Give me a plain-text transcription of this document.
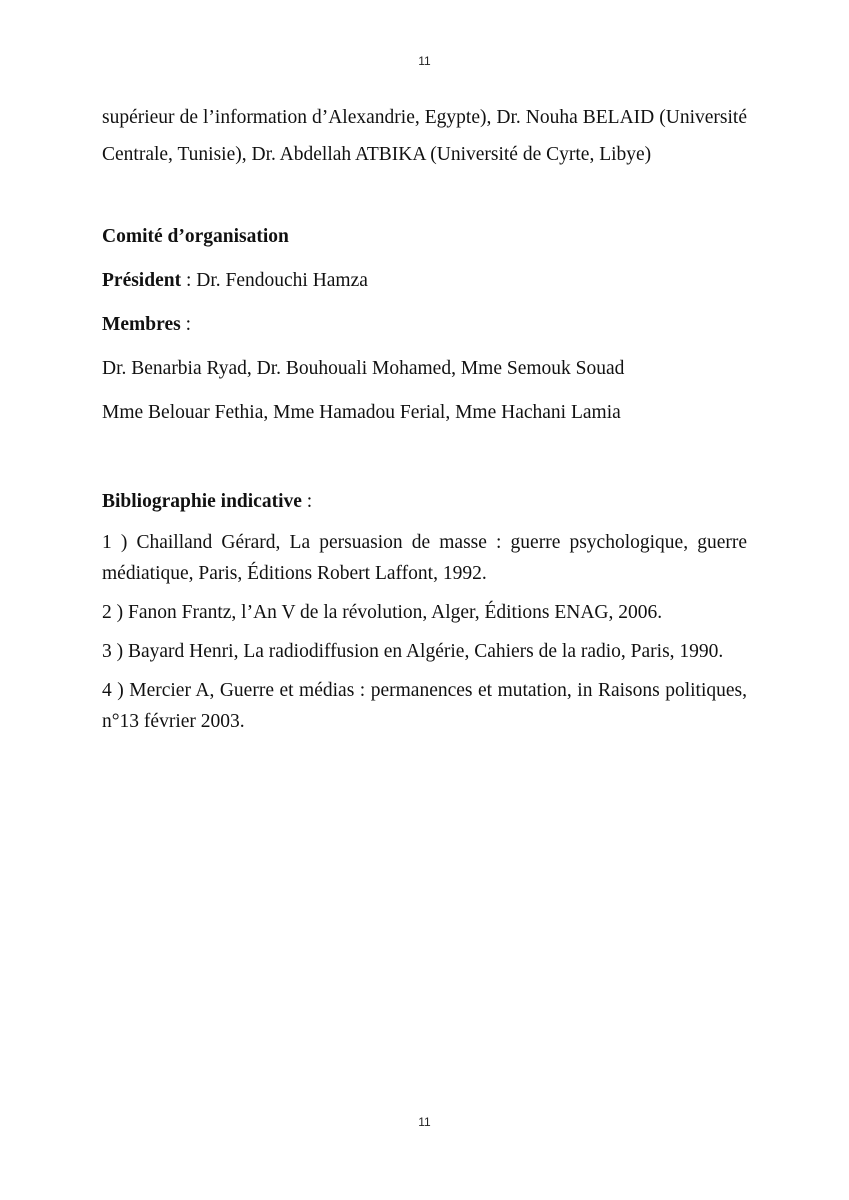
11

supérieur de l’information d’Alexandrie, Egypte), Dr. Nouha BELAID (Université Centrale, Tunisie), Dr. Abdellah ATBIKA (Université de Cyrte, Libye)

Comité d’organisation

Président : Dr. Fendouchi Hamza

Membres :

Dr. Benarbia Ryad, Dr. Bouhouali Mohamed, Mme Semouk Souad

Mme Belouar Fethia, Mme Hamadou Ferial, Mme Hachani Lamia

Bibliographie indicative :

1 ) Chailland Gérard, La persuasion de masse : guerre psychologique, guerre médiatique, Paris, Éditions Robert Laffont, 1992.

2 ) Fanon Frantz, l’An V de la révolution, Alger, Éditions ENAG, 2006.

3 ) Bayard Henri, La radiodiffusion en Algérie, Cahiers de la radio, Paris, 1990.

4 ) Mercier A, Guerre et médias : permanences et mutation, in Raisons politiques, n°13 février 2003.

11
